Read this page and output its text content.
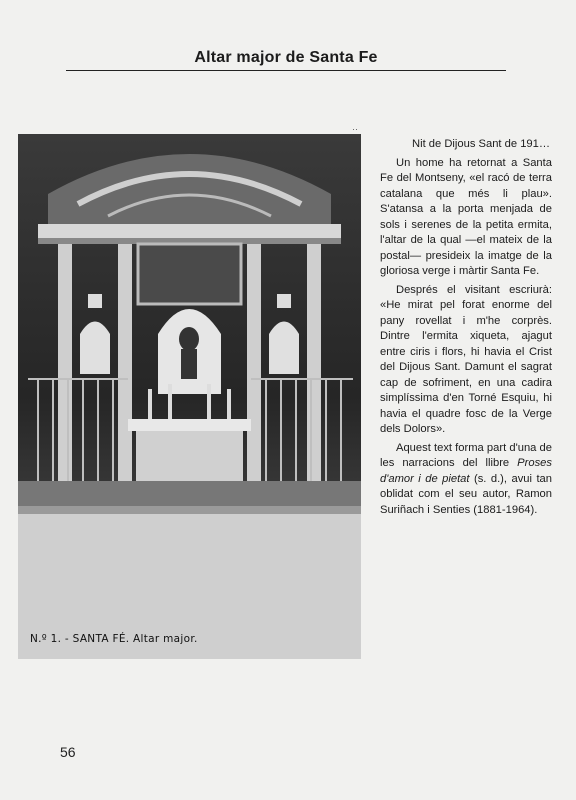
Altar major de Santa Fe
N.º 1. - SANTA FÉ. Altar major.
··

Nit de Dijous Sant de 191…

Un home ha retornat a Santa Fe del Montseny, «el racó de terra catalana que més li plau». S'atansa a la porta menjada de sols i serenes de la petita ermita, l'altar de la qual —el mateix de la postal— presideix la imatge de la gloriosa verge i màrtir Santa Fe.

Després el visitant escriurà: «He mirat pel forat enorme del pany rovellat i m'he corprès. Dintre l'ermita xiqueta, ajagut entre ciris i flors, hi havia el Crist del Dijous Sant. Damunt el sagrat cap de sofriment, en una cadira simplíssima d'en Torné Esquiu, hi havia el quadre fosc de la Verge dels Dolors».

Aquest text forma part d'una de les narracions del llibre Proses d'amor i de pietat (s. d.), avui tan oblidat com el seu autor, Ramon Suriñach i Senties (1881-1964).

56
